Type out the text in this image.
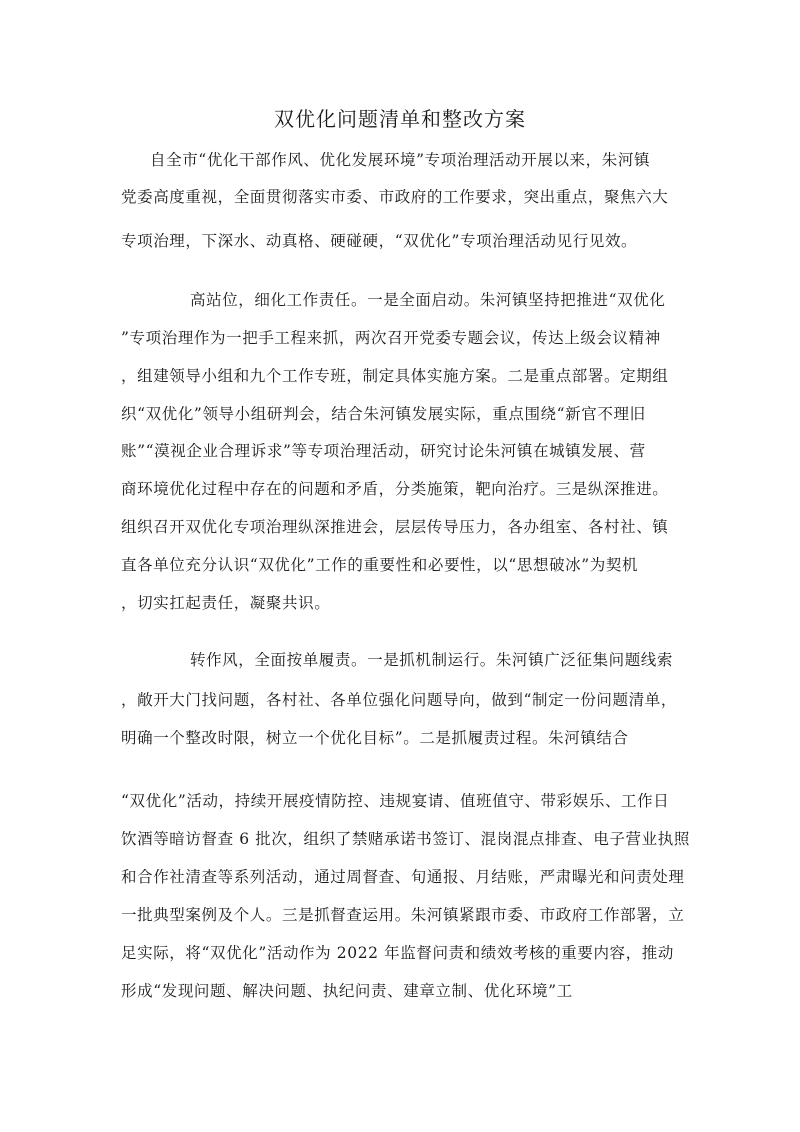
双优化问题清单和整改方案
自全市“优化干部作风、优化发展环境”专项治理活动开展以来，朱河镇
党委高度重视，全面贯彻落实市委、市政府的工作要求，突出重点，聚焦六大
专项治理，下深水、动真格、硬碰硬，“双优化”专项治理活动见行见效。
高站位，细化工作责任。一是全面启动。朱河镇坚持把推进“双优化
”专项治理作为一把手工程来抓，两次召开党委专题会议，传达上级会议精神
，组建领导小组和九个工作专班，制定具体实施方案。二是重点部署。定期组
织“双优化”领导小组研判会，结合朱河镇发展实际，重点围绕“新官不理旧
账”“漠视企业合理诉求”等专项治理活动，研究讨论朱河镇在城镇发展、营
商环境优化过程中存在的问题和矛盾，分类施策，靶向治疗。三是纵深推进。
组织召开双优化专项治理纵深推进会，层层传导压力，各办组室、各村社、镇
直各单位充分认识“双优化”工作的重要性和必要性，以“思想破冰”为契机
，切实扛起责任，凝聚共识。
转作风，全面按单履责。一是抓机制运行。朱河镇广泛征集问题线索
，敞开大门找问题，各村社、各单位强化问题导向，做到“制定一份问题清单，
明确一个整改时限，树立一个优化目标”。二是抓履责过程。朱河镇结合
“双优化”活动，持续开展疫情防控、违规宴请、值班值守、带彩娱乐、工作日
饮酒等暗访督查 6 批次，组织了禁赌承诺书签订、混岗混点排查、电子营业执照
和合作社清查等系列活动，通过周督查、旬通报、月结账，严肃曝光和问责处理
一批典型案例及个人。三是抓督查运用。朱河镇紧跟市委、市政府工作部署，立
足实际，将“双优化”活动作为 2022 年监督问责和绩效考核的重要内容，推动
形成“发现问题、解决问题、执纪问责、建章立制、优化环境”工
